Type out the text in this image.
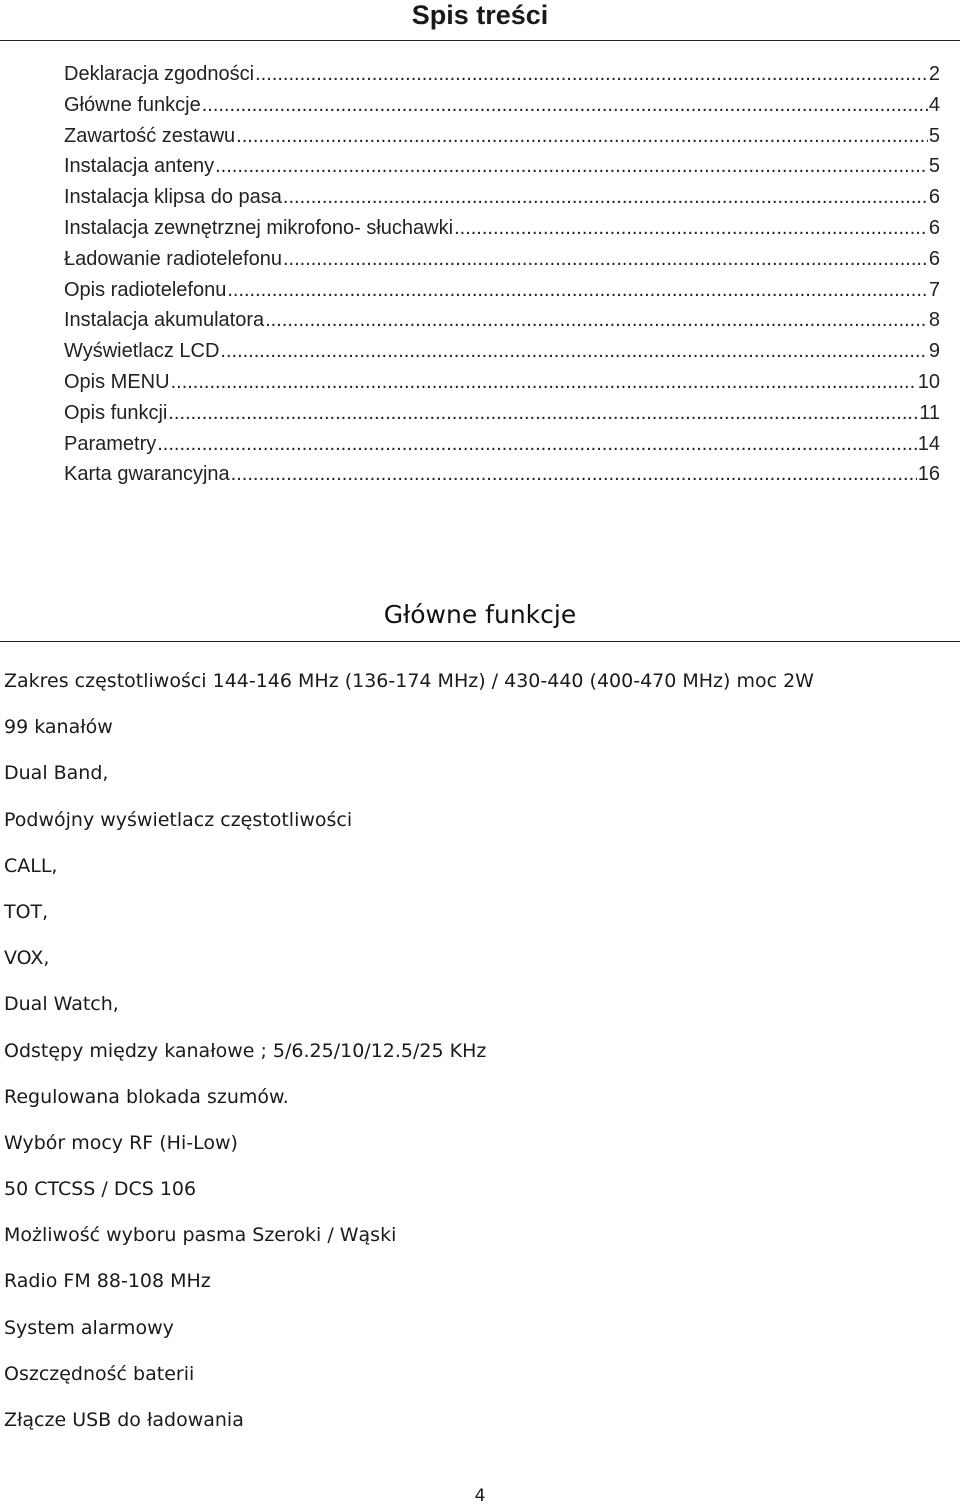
Spis treści
Deklaracja zgodności .....	2
Główne funkcje .....	4
Zawartość zestawu .....	5
Instalacja anteny .....	5
Instalacja klipsa do pasa .....	6
Instalacja zewnętrznej mikrofono- słuchawki .....	6
Ładowanie radiotelefonu .....	6
Opis radiotelefonu .....	7
Instalacja akumulatora .....	8
Wyświetlacz LCD .....	9
Opis MENU .....	10
Opis funkcji .....	11
Parametry .....	14
Karta gwarancyjna .....	16
Główne funkcje
Zakres częstotliwości 144-146 MHz (136-174 MHz) / 430-440 (400-470 MHz) moc 2W
99 kanałów
Dual Band,
Podwójny wyświetlacz częstotliwości
CALL,
TOT,
VOX,
Dual Watch,
Odstępy między kanałowe ; 5/6.25/10/12.5/25 KHz
Regulowana blokada szumów.
Wybór mocy RF (Hi-Low)
50 CTCSS / DCS 106
Możliwość wyboru pasma Szeroki / Wąski
Radio FM 88-108 MHz
System alarmowy
Oszczędność baterii
Złącze USB do ładowania
4
